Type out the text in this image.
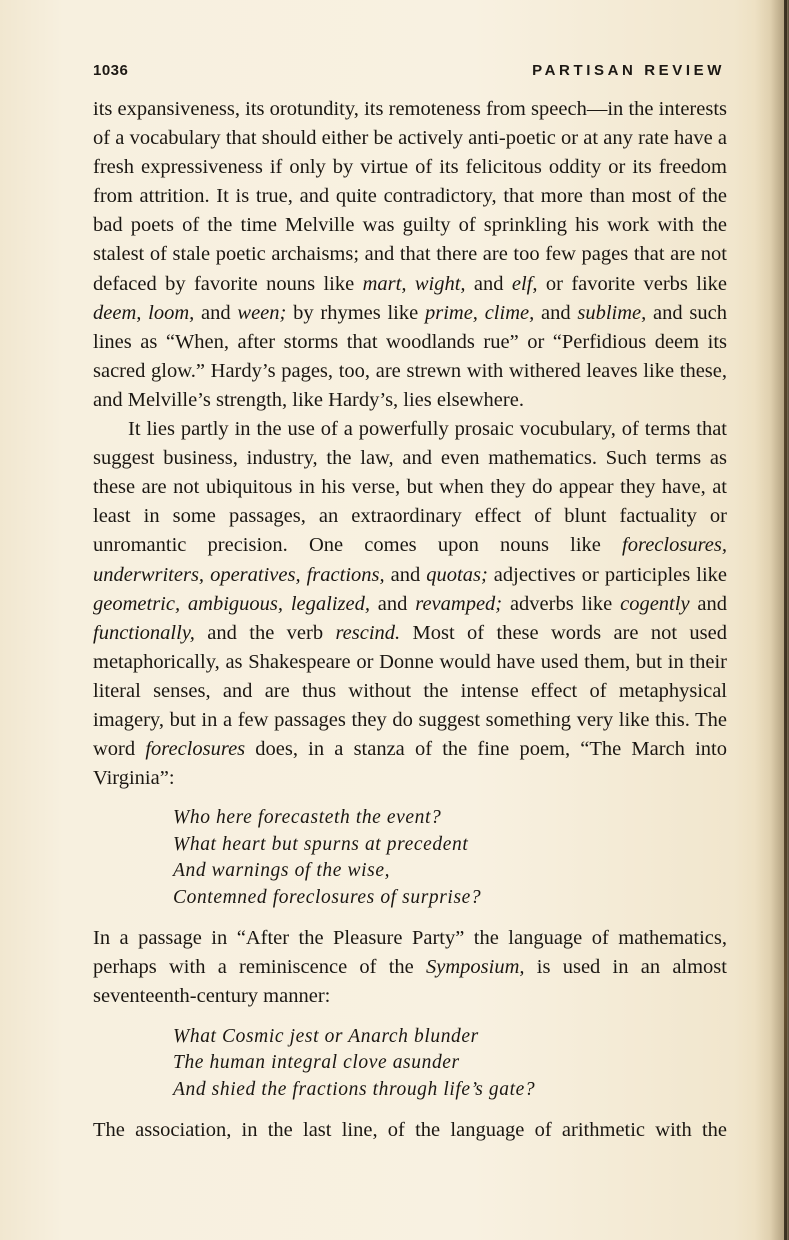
1036	PARTISAN REVIEW

its expansiveness, its orotundity, its remoteness from speech—in the interests of a vocabulary that should either be actively anti-poetic or at any rate have a fresh expressiveness if only by virtue of its felicitous oddity or its freedom from attrition. It is true, and quite contradictory, that more than most of the bad poets of the time Melville was guilty of sprinkling his work with the stalest of stale poetic archaisms; and that there are too few pages that are not defaced by favorite nouns like mart, wight, and elf, or favorite verbs like deem, loom, and ween; by rhymes like prime, clime, and sublime, and such lines as “When, after storms that woodlands rue” or “Perfidious deem its sacred glow.” Hardy’s pages, too, are strewn with withered leaves like these, and Melville’s strength, like Hardy’s, lies elsewhere.

It lies partly in the use of a powerfully prosaic vocubulary, of terms that suggest business, industry, the law, and even mathematics. Such terms as these are not ubiquitous in his verse, but when they do appear they have, at least in some passages, an extraordinary effect of blunt factuality or unromantic precision. One comes upon nouns like foreclosures, underwriters, operatives, fractions, and quotas; adjectives or participles like geometric, ambiguous, legalized, and revamped; adverbs like cogently and functionally, and the verb rescind. Most of these words are not used metaphorically, as Shakespeare or Donne would have used them, but in their literal senses, and are thus without the intense effect of metaphysical imagery, but in a few passages they do suggest something very like this. The word foreclosures does, in a stanza of the fine poem, “The March into Virginia”:

Who here forecasteth the event?
What heart but spurns at precedent
And warnings of the wise,
Contemned foreclosures of surprise?

In a passage in “After the Pleasure Party” the language of mathematics, perhaps with a reminiscence of the Symposium, is used in an almost seventeenth-century manner:

What Cosmic jest or Anarch blunder
The human integral clove asunder
And shied the fractions through life’s gate?

The association, in the last line, of the language of arithmetic with the
